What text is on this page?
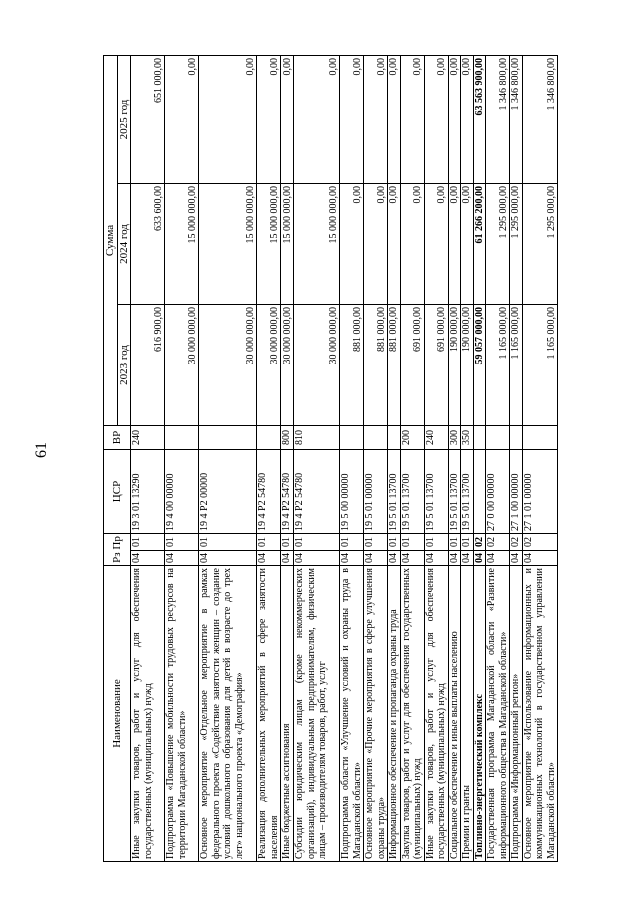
61
Наименование	Рз Пр		ЦСР	ВР	Сумма		
					2023 год	2024 год	2025 год
Иные закупки товаров, работ и услуг для обеспечения государственных (муниципальных) нужд	04	01	19 3 01 13290	240	616 900,00	633 600,00	651 000,00
Подпрограмма «Повышение мобильности трудовых ресурсов на территории Магаданской области»	04	01	19 4 00 00000		30 000 000,00	15 000 000,00	0,00
Основное мероприятие «Отдельное мероприятие в рамках федерального проекта «Содействие занятости женщин – создание условий дошкольного образования для детей в возрасте до трех лет» национального проекта «Демография»	04	01	19 4 P2 00000		30 000 000,00	15 000 000,00	0,00
Реализация дополнительных мероприятий в сфере занятости населения	04	01	19 4 P2 54780		30 000 000,00	15 000 000,00	0,00
Иные бюджетные ассигнования	04	01	19 4 P2 54780	800	30 000 000,00	15 000 000,00	0,00
Субсидии юридическим лицам (кроме некоммерческих организаций), индивидуальным предпринимателям, физическим лицам – производителям товаров, работ, услуг	04	01	19 4 P2 54780	810	30 000 000,00	15 000 000,00	0,00
Подпрограмма области «Улучшение условий и охраны труда в Магаданской области»	04	01	19 5 00 00000		881 000,00	0,00	0,00
Основное мероприятие «Прочие мероприятия в сфере улучшения охраны труда»	04	01	19 5 01 00000		881 000,00	0,00	0,00
Информационное обеспечение и пропаганда охраны труда	04	01	19 5 01 13700		881 000,00	0,00	0,00
Закупка товаров, работ и услуг для обеспечения государственных (муниципальных) нужд	04	01	19 5 01 13700	200	691 000,00	0,00	0,00
Иные закупки товаров, работ и услуг для обеспечения государственных (муниципальных) нужд	04	01	19 5 01 13700	240	691 000,00	0,00	0,00
Социальное обеспечение и иные выплаты населению	04	01	19 5 01 13700	300	190 000,00	0,00	0,00
Премии и гранты	04	01	19 5 01 13700	350	190 000,00	0,00	0,00
Топливно-энергетический комплекс	04	02			59 057 000,00	61 266 200,00	63 563 900,00
Государственная программа Магаданской области «Развитие информационного общества в Магаданской области»	04	02	27 0 00 00000		1 165 000,00	1 295 000,00	1 346 800,00
Подпрограмма «Информационный регион»	04	02	27 1 00 00000		1 165 000,00	1 295 000,00	1 346 800,00
Основное мероприятие «Использование информационных и коммуникационных технологий в государственном управлении Магаданской области»	04	02	27 1 01 00000		1 165 000,00	1 295 000,00	1 346 800,00
